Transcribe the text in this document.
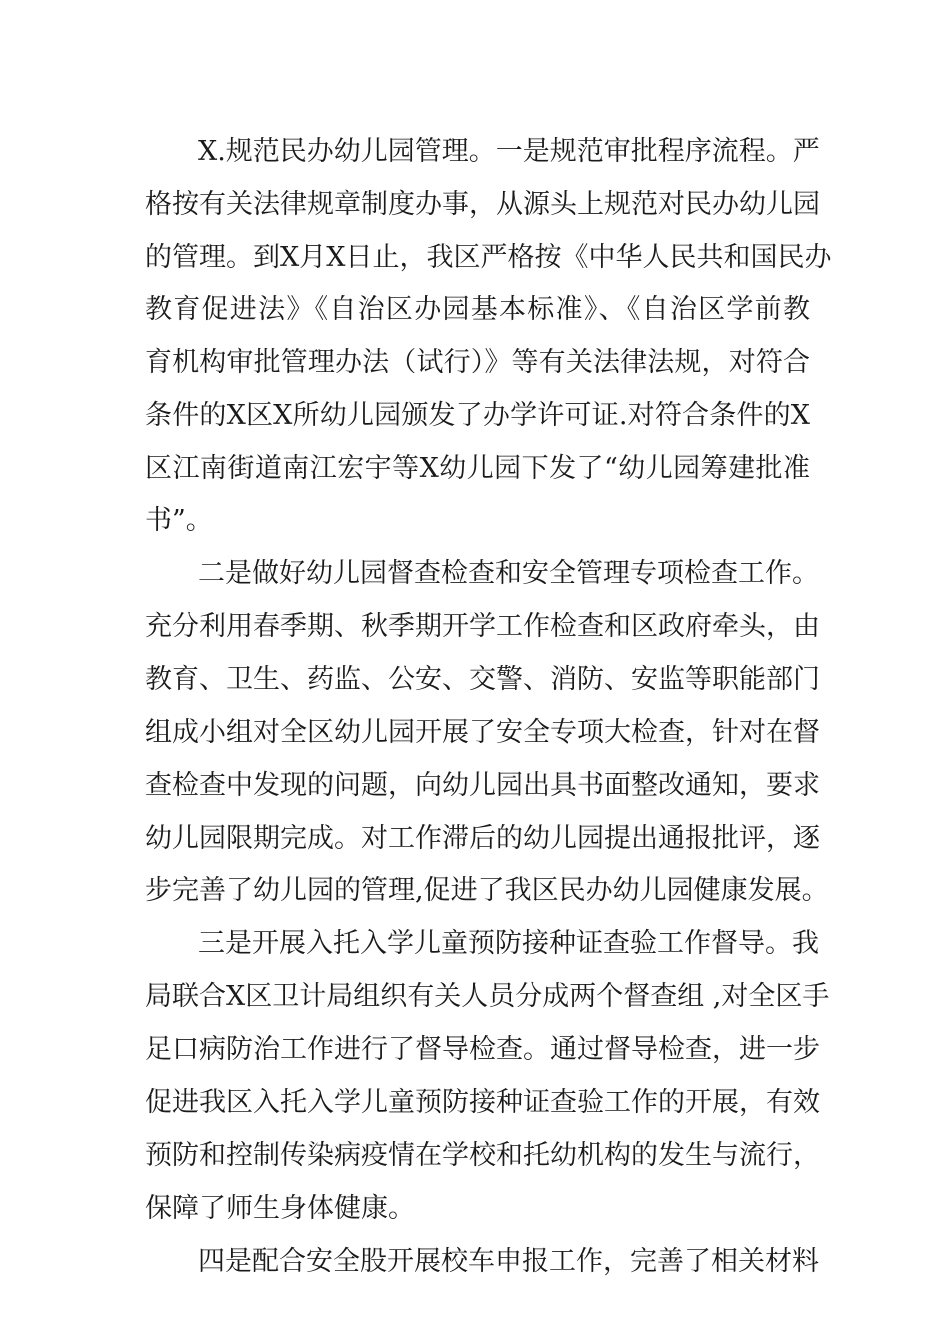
X.规范民办幼儿园管理。一是规范审批程序流程。严
格按有关法律规章制度办事，从源头上规范对民办幼儿园
的管理。到X月X日止，我区严格按《中华人民共和国民办
教育促进法》《自治区办园基本标准》、《自治区学前教
育机构审批管理办法（试行）》等有关法律法规，对符合
条件的X区X所幼儿园颁发了办学许可证.对符合条件的X
区江南街道南江宏宇等X幼儿园下发了“幼儿园筹建批准
书”。
二是做好幼儿园督查检查和安全管理专项检查工作。
充分利用春季期、秋季期开学工作检查和区政府牵头，由
教育、卫生、药监、公安、交警、消防、安监等职能部门
组成小组对全区幼儿园开展了安全专项大检查，针对在督
查检查中发现的问题，向幼儿园出具书面整改通知，要求
幼儿园限期完成。对工作滞后的幼儿园提出通报批评，逐
步完善了幼儿园的管理,促进了我区民办幼儿园健康发展。
三是开展入托入学儿童预防接种证查验工作督导。我
局联合X区卫计局组织有关人员分成两个督查组 ,对全区手
足口病防治工作进行了督导检查。通过督导检查，进一步
促进我区入托入学儿童预防接种证查验工作的开展，有效
预防和控制传染病疫情在学校和托幼机构的发生与流行，
保障了师生身体健康。
四是配合安全股开展校车申报工作，完善了相关材料
